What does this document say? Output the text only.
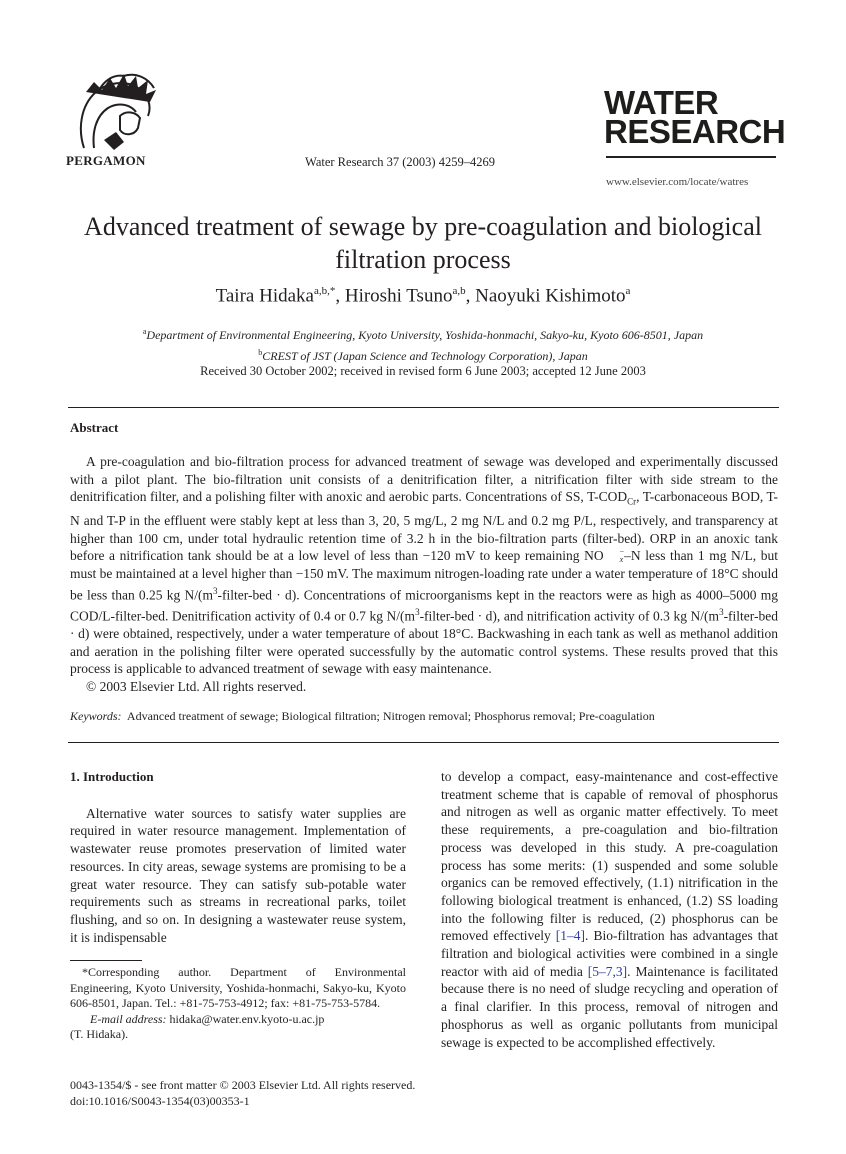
PERGAMON	Water Research 37 (2003) 4259–4269
WATER
RESEARCH
www.elsevier.com/locate/watres
Advanced treatment of sewage by pre-coagulation and biological filtration process
Taira Hidaka$^{a,b,*}$, Hiroshi Tsuno$^{a,b}$, Naoyuki Kishimoto$^a$
$^a$Department of Environmental Engineering, Kyoto University, Yoshida-honmachi, Sakyo-ku, Kyoto 606-8501, Japan
$^b$CREST of JST (Japan Science and Technology Corporation), Japan
Received 30 October 2002; received in revised form 6 June 2003; accepted 12 June 2003
Abstract

A pre-coagulation and bio-filtration process for advanced treatment of sewage was developed and experimentally discussed with a pilot plant. The bio-filtration unit consists of a denitrification filter, a nitrification filter with side stream to the denitrification filter, and a polishing filter with anoxic and aerobic parts. Concentrations of SS, $T-COD_{Cr}$, T-carbonaceous BOD, T-N and T-P in the effluent were stably kept at less than 3, 20, 5 mg/L, 2 mg N/L and 0.2 mg P/L, respectively, and transparency at higher than 100 cm, under total hydraulic retention time of 3.2 h in the bio-filtration parts (filter-bed). ORP in an anoxic tank before a nitrification tank should be at a low level of less than −120 mV to keep remaining NO	−
x –N less than 1 mg N/L, but must be maintained at a level higher than −150 mV. The maximum nitrogen-loading rate under a water temperature of 18°C should be less than 0.25 kg $N/(m^3-filter$-bed · d). Concentrations of microorganisms kept in the reactors were as high as 4000–5000 mg COD/L-filter-bed. Denitrification activity of 0.4 or 0.7 kg $N/(m^3-filter$-bed · d), and nitrification activity of 0.3 kg $N/(m^3-filter$-bed · d) were obtained, respectively, under a water temperature of about 18°C. Backwashing in each tank as well as methanol addition and aeration in the polishing filter were operated successfully by the automatic control systems. These results proved that this process is applicable to advanced treatment of sewage with easy maintenance.

© 2003 Elsevier Ltd. All rights reserved.

Keywords: Advanced treatment of sewage; Biological filtration; Nitrogen removal; Phosphorus removal; Pre-coagulation
1. Introduction

Alternative water sources to satisfy water supplies are required in water resource management. Implementation of wastewater reuse promotes preservation of limited water resources. In city areas, sewage systems are promising to be a great water resource. They can satisfy sub-potable water requirements such as streams in recreational parks, toilet flushing, and so on. In designing a wastewater reuse system, it is indispensable

to develop a compact, easy-maintenance and cost-effective treatment scheme that is capable of removal of phosphorus and nitrogen as well as organic matter effectively. To meet these requirements, a pre-coagulation and bio-filtration process was developed in this study. A pre-coagulation process has some merits: (1) suspended and some soluble organics can be removed effectively, (1.1) nitrification in the following biological treatment is enhanced, (1.2) SS loading into the following filter is reduced, (2) phosphorus can be removed effectively [1–4]. Bio-filtration has advantages that filtration and biological activities were combined in a single reactor with aid of media [5–7,3]. Maintenance is facilitated because there is no need of sludge recycling and operation of a final clarifier. In this process, removal of nitrogen and phosphorus as well as organic pollutants from municipal sewage is expected to be accomplished effectively.

*Corresponding author. Department of Environmental Engineering, Kyoto University, Yoshida-honmachi, Sakyo-ku, Kyoto 606-8501, Japan. Tel.: +81-75-753-4912; fax: +81-75-753-5784.

E-mail address: hidaka@water.env.kyoto-u.ac.jp

(T. Hidaka).

0043-1354/$ - see front matter © 2003 Elsevier Ltd. All rights reserved.
doi:10.1016/S0043-1354(03)00353-1
